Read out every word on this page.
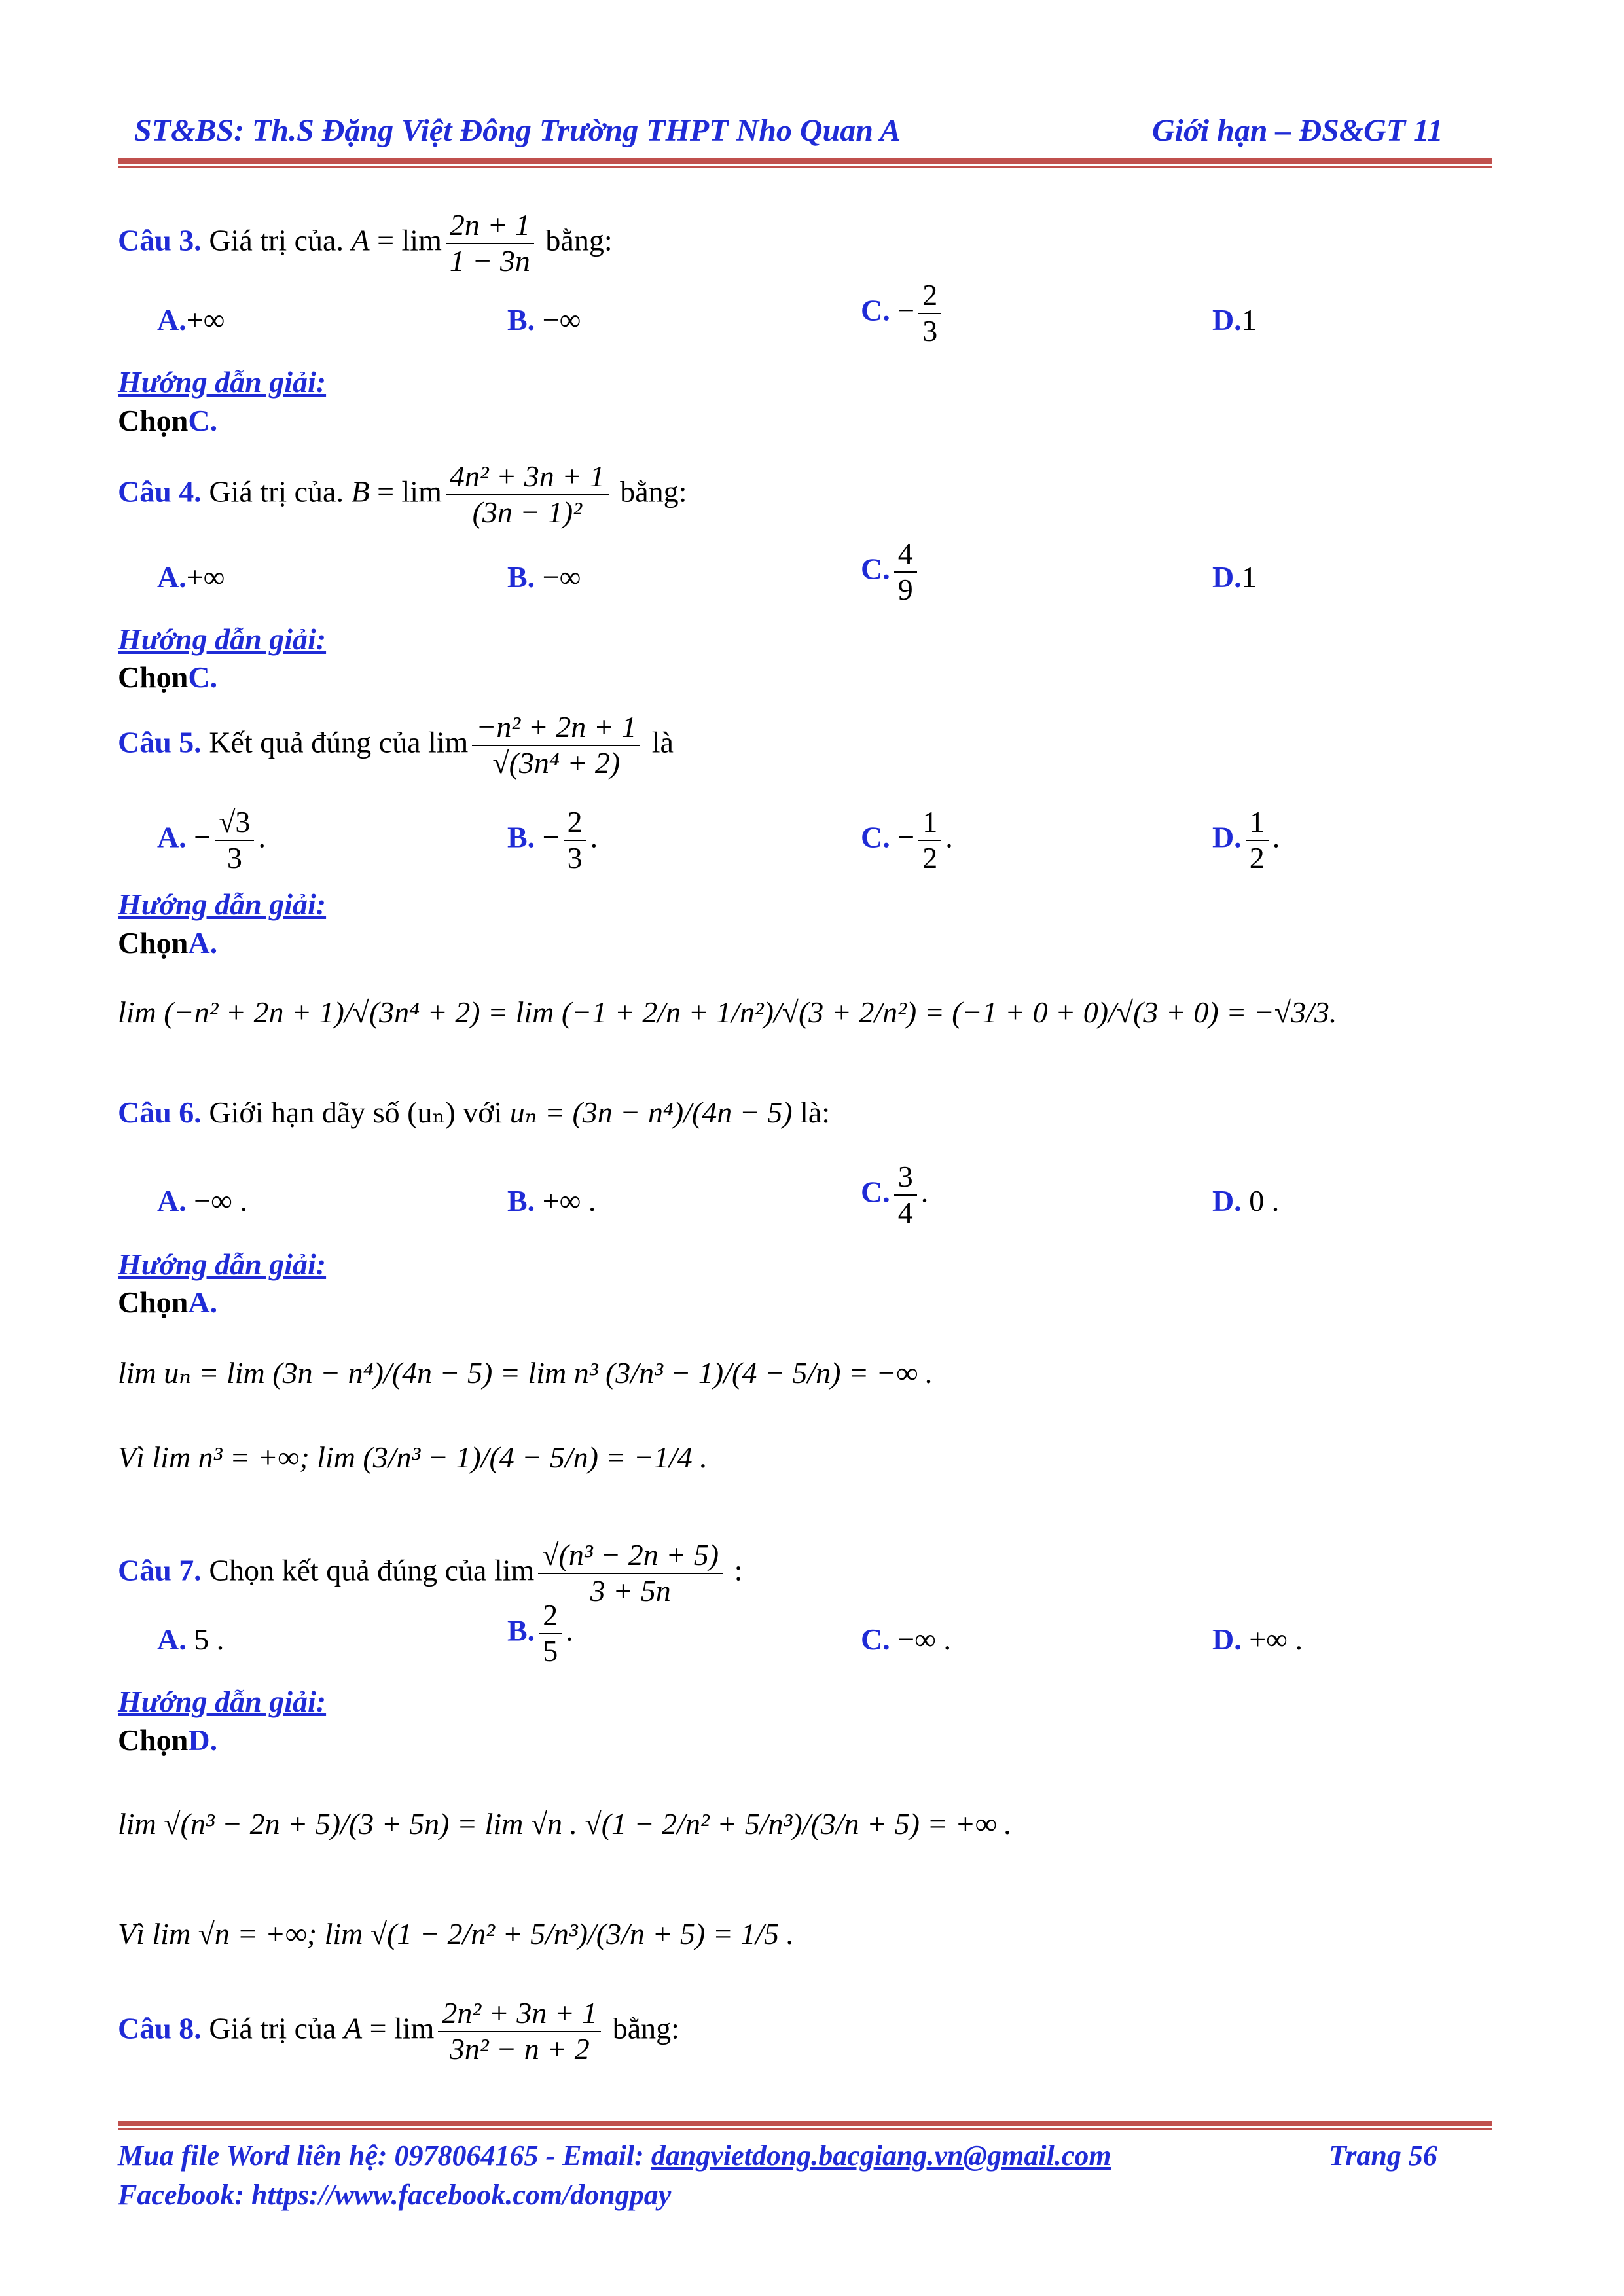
ST&BS: Th.S Đặng Việt Đông Trường THPT Nho Quan A	Giới hạn – ĐS&GT 11
Câu 3. Giá trị của. $A = \lim \frac{2n + 1}{1 - 3n}$ bằng:
A.+∞	B. −∞	C. − $\frac{2}{3}$	D.1
Hướng dẫn giải:
ChọnC.
Câu 4. Giá trị của. $B = \lim \frac{\text{4n² + 3n + 1}}{\text{(3n − 1)²}}$ bằng:
A.+∞	B. −∞	C. $\frac{4}{9}$	D.1
Hướng dẫn giải:
ChọnC.
Câu 5. Kết quả đúng của $\lim \frac{\text{−n² + 2n + 1}}{\text{√(3n⁴ + 2)}}$ là
A. − $\frac{√3}{3}$ .	B. − $\frac{2}{3}$ .	C. − $\frac{1}{2}$ .	D. $\frac{1}{2}$ .
Hướng dẫn giải:
ChọnA.
lim (−n² + 2n + 1)/√(3n⁴ + 2) = lim (−1 + 2/n + 1/n²)/√(3 + 2/n²) = (−1 + 0 + 0)/√(3 + 0) = −√3/3.
Câu 6. Giới hạn dãy số (uₙ) với uₙ = (3n − n⁴)/(4n − 5) là:
A. −∞ .	B. +∞ .	C. $\frac{3}{4}$ .	D. 0 .
Hướng dẫn giải:
ChọnA.
lim uₙ = lim (3n − n⁴)/(4n − 5) = lim n³ (3/n³ − 1)/(4 − 5/n) = −∞ .
Vì lim n³ = +∞; lim (3/n³ − 1)/(4 − 5/n) = −1/4 .
Câu 7. Chọn kết quả đúng của $\lim \frac{\text{√(n³ − 2n + 5)}}{3 + 5n}$ :
A. 5 .	B. $\frac{2}{5}$ .	C. −∞ .	D. +∞ .
Hướng dẫn giải:
ChọnD.
lim √(n³ − 2n + 5)/(3 + 5n) = lim √n . √(1 − 2/n² + 5/n³)/(3/n + 5) = +∞ .
Vì lim √n = +∞; lim √(1 − 2/n² + 5/n³)/(3/n + 5) = 1/5 .
Câu 8. Giá trị của $A = \lim \frac{\text{2n² + 3n + 1}}{\text{3n² − n + 2}}$ bằng:
Mua file Word liên hệ: 0978064165 - Email: dangvietdong.bacgiang.vn@gmail.com	Trang 56
Facebook: https://www.facebook.com/dongpay
